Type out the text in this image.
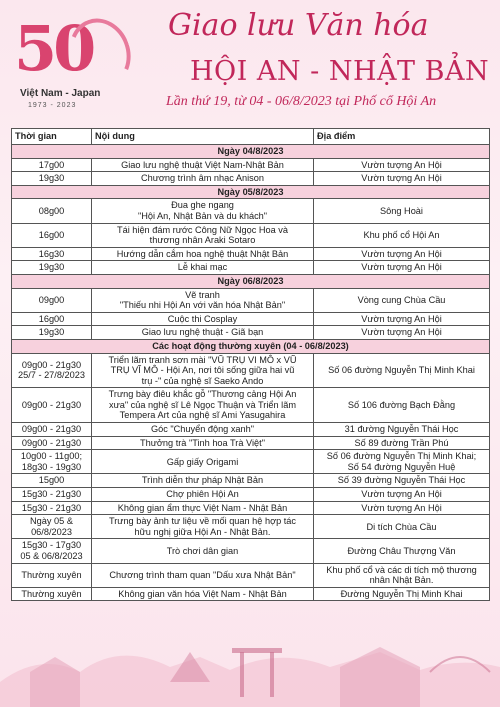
50
Việt Nam - Japan
1973 - 2023
Giao lưu Văn hóa
HỘI AN - NHẬT BẢN
Lần thứ 19, từ 04 - 06/8/2023 tại Phố cổ Hội An
Thời gian	Nội dung	Địa điểm
Ngày 04/8/2023		
17g00	Giao lưu nghệ thuật Việt Nam-Nhật Bản	Vườn tượng An Hội
19g30	Chương trình âm nhạc Anison	Vườn tượng An Hội
Ngày 05/8/2023		
08g00	Đua ghe ngang
"Hội An, Nhật Bản và du khách"	Sông Hoài
16g00	Tái hiện đám rước Công Nữ Ngọc Hoa và
thương nhân Araki Sotaro	Khu phố cổ Hội An
16g30	Hướng dẫn cắm hoa nghệ thuật Nhật Bản	Vườn tượng An Hội
19g30	Lễ khai mạc	Vườn tượng An Hội
Ngày 06/8/2023		
09g00	Vẽ tranh
"Thiếu nhi Hội An với văn hóa Nhật Bản"	Vòng cung Chùa Cầu
16g00	Cuộc thi Cosplay	Vườn tượng An Hội
19g30	Giao lưu nghệ thuật - Giã bạn	Vườn tượng An Hội
Các hoạt động thường xuyên (04 - 06/8/2023)		
09g00 - 21g30
25/7 - 27/8/2023	Triển lãm tranh sơn mài "VŨ TRỤ VI MÔ x VŨ
TRỤ VĨ MÔ - Hội An, nơi tôi sống giữa hai vũ
trụ -" của nghệ sĩ Saeko Ando	Số 06 đường Nguyễn Thị Minh Khai
09g00 - 21g30	Trưng bày điêu khắc gỗ "Thương cảng Hội An
xưa" của nghệ sĩ Lê Ngọc Thuận và Triển lãm
Tempera Art của nghệ sĩ Ami Yasugahira	Số 106 đường Bạch Đằng
09g00 - 21g30	Góc "Chuyển động xanh"	31 đường Nguyễn Thái Học
09g00 - 21g30	Thưởng trà "Tinh hoa Trà Việt"	Số 89 đường Trần Phú
10g00 - 11g00;
18g30 - 19g30	Gấp giấy Origami	Số 06 đường Nguyễn Thị Minh Khai;
Số 54 đường Nguyễn Huệ
15g00	Trình diễn thư pháp Nhật Bản	Số 39 đường Nguyễn Thái Học
15g30 - 21g30	Chợ phiên Hội An	Vườn tượng An Hội
15g30 - 21g30	Không gian ẩm thực Việt Nam - Nhật Bản	Vườn tượng An Hội
Ngày 05 &
06/8/2023	Trưng bày ảnh tư liệu về mối quan hệ hợp tác
hữu nghị giữa Hội An - Nhật Bản.	Di tích Chùa Cầu
15g30 - 17g30
05 & 06/8/2023	Trò chơi dân gian	Đường Châu Thượng Văn
Thường xuyên	Chương trình tham quan "Dấu xưa Nhật Bản"	Khu phố cổ và các di tích mộ thương
nhân Nhật Bản.
Thường xuyên	Không gian văn hóa Việt Nam - Nhật Bản	Đường Nguyễn Thị Minh Khai
